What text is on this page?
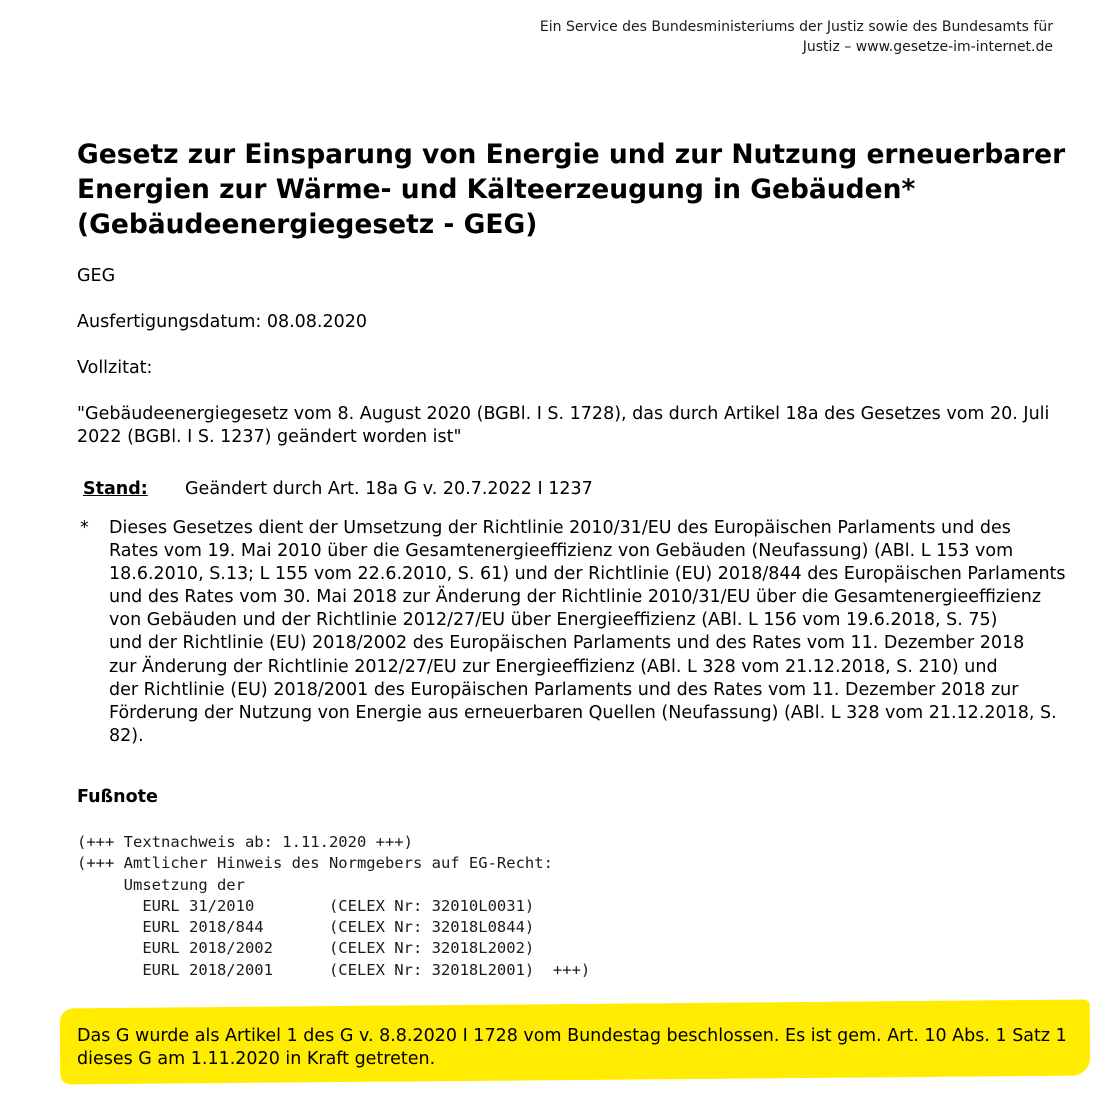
Ein Service des Bundesministeriums der Justiz sowie des Bundesamts für
Justiz – www.gesetze-im-internet.de
Gesetz zur Einsparung von Energie und zur Nutzung erneuerbarer
Energien zur Wärme- und Kälteerzeugung in Gebäuden*
(Gebäudeenergiegesetz - GEG)

GEG

Ausfertigungsdatum: 08.08.2020

Vollzitat:

"Gebäudeenergiegesetz vom 8. August 2020 (BGBl. I S. 1728), das durch Artikel 18a des Gesetzes vom 20. Juli
2022 (BGBl. I S. 1237) geändert worden ist"

Stand: Geändert durch Art. 18a G v. 20.7.2022 I 1237
* Dieses Gesetzes dient der Umsetzung der Richtlinie 2010/31/EU des Europäischen Parlaments und des
Rates vom 19. Mai 2010 über die Gesamtenergieeffizienz von Gebäuden (Neufassung) (ABl. L 153 vom
18.6.2010, S.13; L 155 vom 22.6.2010, S. 61) und der Richtlinie (EU) 2018/844 des Europäischen Parlaments
und des Rates vom 30. Mai 2018 zur Änderung der Richtlinie 2010/31/EU über die Gesamtenergieeffizienz
von Gebäuden und der Richtlinie 2012/27/EU über Energieeffizienz (ABl. L 156 vom 19.6.2018, S. 75)
und der Richtlinie (EU) 2018/2002 des Europäischen Parlaments und des Rates vom 11. Dezember 2018
zur Änderung der Richtlinie 2012/27/EU zur Energieeffizienz (ABl. L 328 vom 21.12.2018, S. 210) und
der Richtlinie (EU) 2018/2001 des Europäischen Parlaments und des Rates vom 11. Dezember 2018 zur
Förderung der Nutzung von Energie aus erneuerbaren Quellen (Neufassung) (ABl. L 328 vom 21.12.2018, S.
82).
Fußnote
(+++ Textnachweis ab: 1.11.2020 +++)
(+++ Amtlicher Hinweis des Normgebers auf EG-Recht:
Umsetzung der
EURL 31/2010        (CELEX Nr: 32010L0031)
EURL 2018/844       (CELEX Nr: 32018L0844)
EURL 2018/2002      (CELEX Nr: 32018L2002)
EURL 2018/2001      (CELEX Nr: 32018L2001)  +++)
Das G wurde als Artikel 1 des G v. 8.8.2020 I 1728 vom Bundestag beschlossen. Es ist gem. Art. 10 Abs. 1 Satz 1
dieses G am 1.11.2020 in Kraft getreten.
